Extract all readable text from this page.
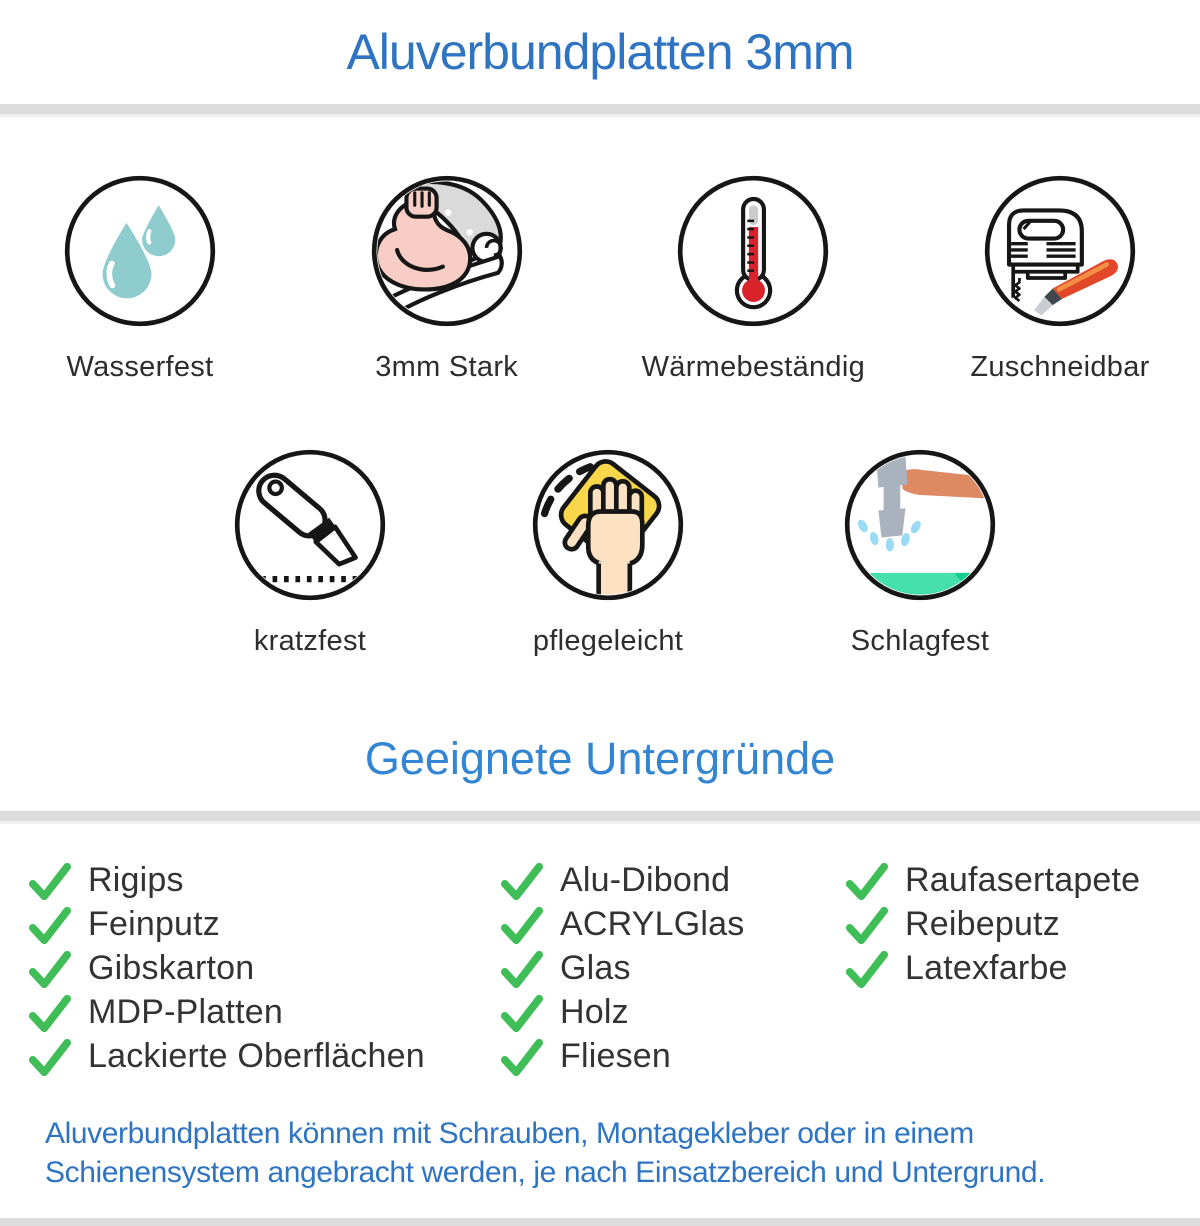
Aluverbundplatten 3mm
Wasserfest	3mm Stark	Wärmebeständig	Zuschneidbar
kratzfest	pflegeleicht	Schlagfest
Geeignete Untergründe
Rigips
Feinputz
Gibskarton
MDP-Platten
Lackierte Oberflächen
Alu-Dibond
ACRYLGlas
Glas
Holz
Fliesen
Raufasertapete
Reibeputz
Latexfarbe
Aluverbundplatten können mit Schrauben, Montagekleber oder in einem
Schienensystem angebracht werden, je nach Einsatzbereich und Untergrund.
